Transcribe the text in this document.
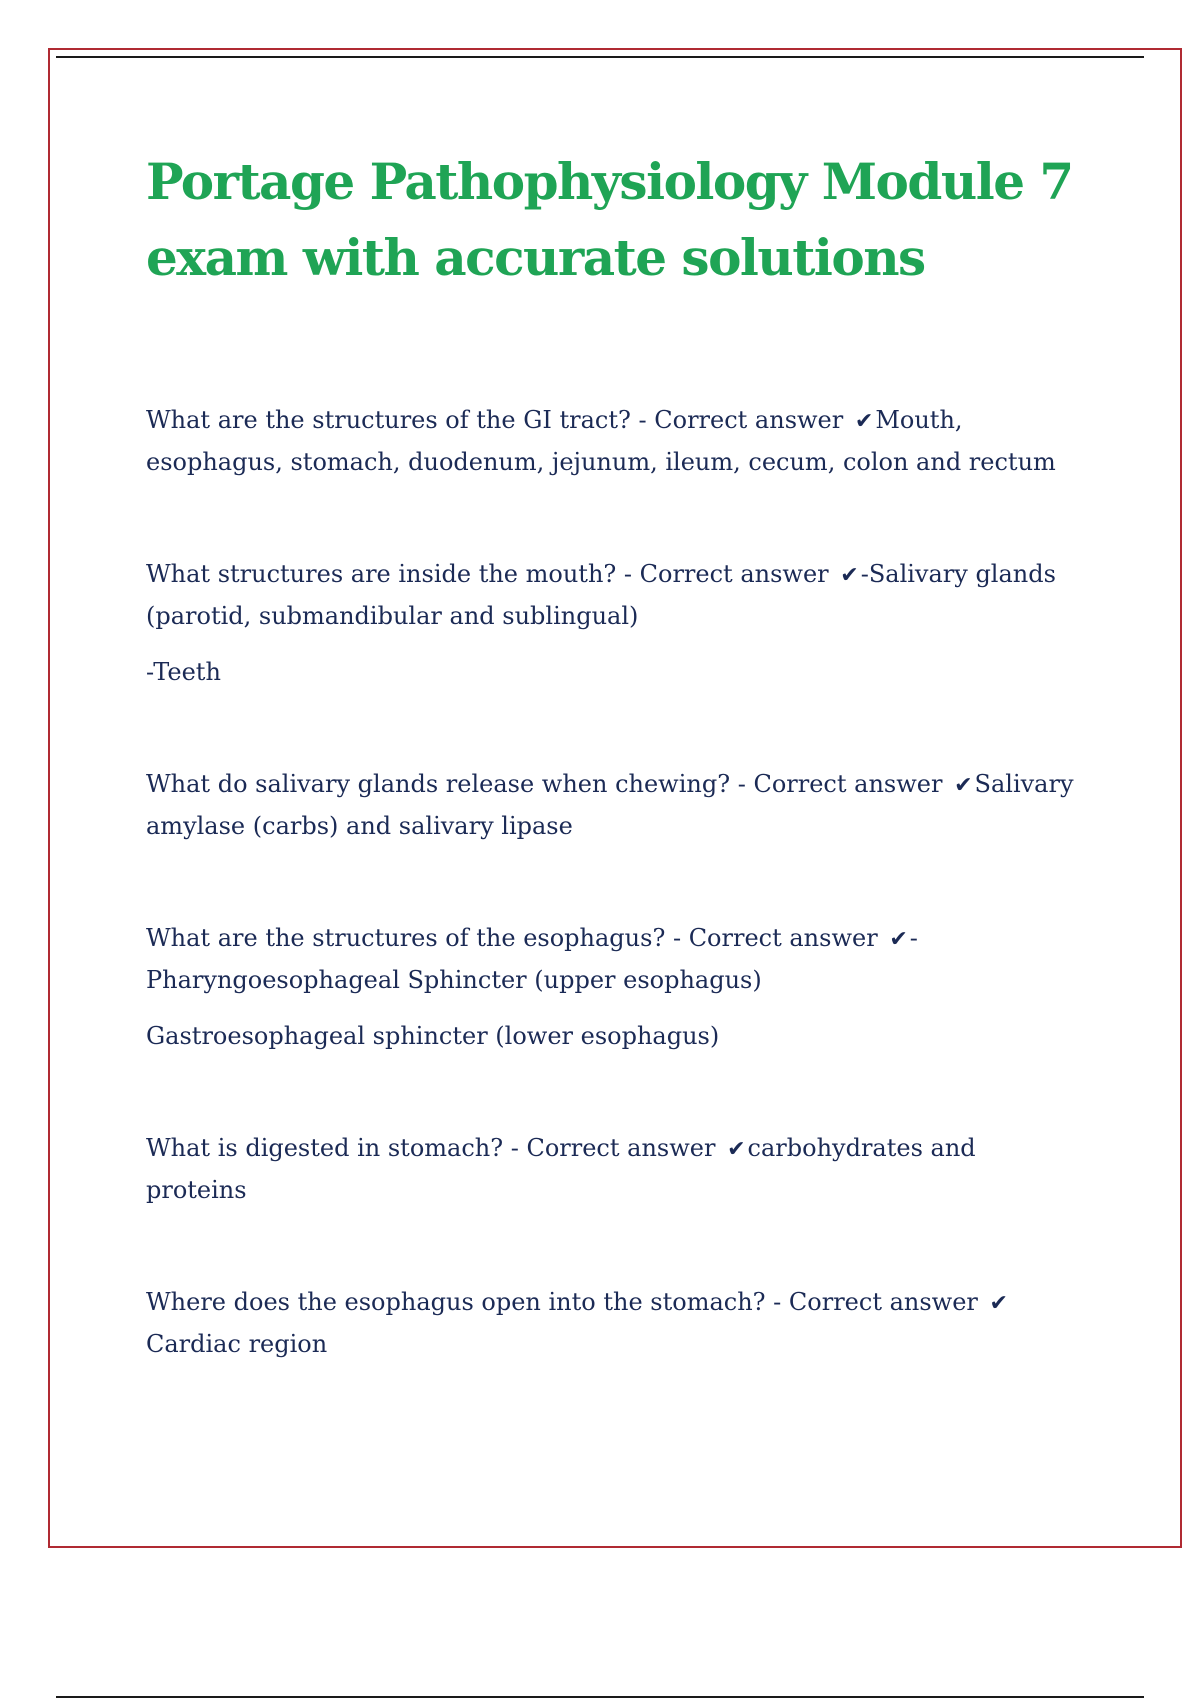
Portage Pathophysiology Module 7
exam with accurate solutions

What are the structures of the GI tract? - Correct answer ✔Mouth, esophagus, stomach, duodenum, jejunum, ileum, cecum, colon and rectum

What structures are inside the mouth? - Correct answer ✔-Salivary glands (parotid, submandibular and sublingual)

-Teeth

What do salivary glands release when chewing? - Correct answer ✔Salivary amylase (carbs) and salivary lipase

What are the structures of the esophagus? - Correct answer ✔- Pharyngoesophageal Sphincter (upper esophagus)

Gastroesophageal sphincter (lower esophagus)

What is digested in stomach? - Correct answer ✔carbohydrates and proteins

Where does the esophagus open into the stomach? - Correct answer ✔Cardiac region
